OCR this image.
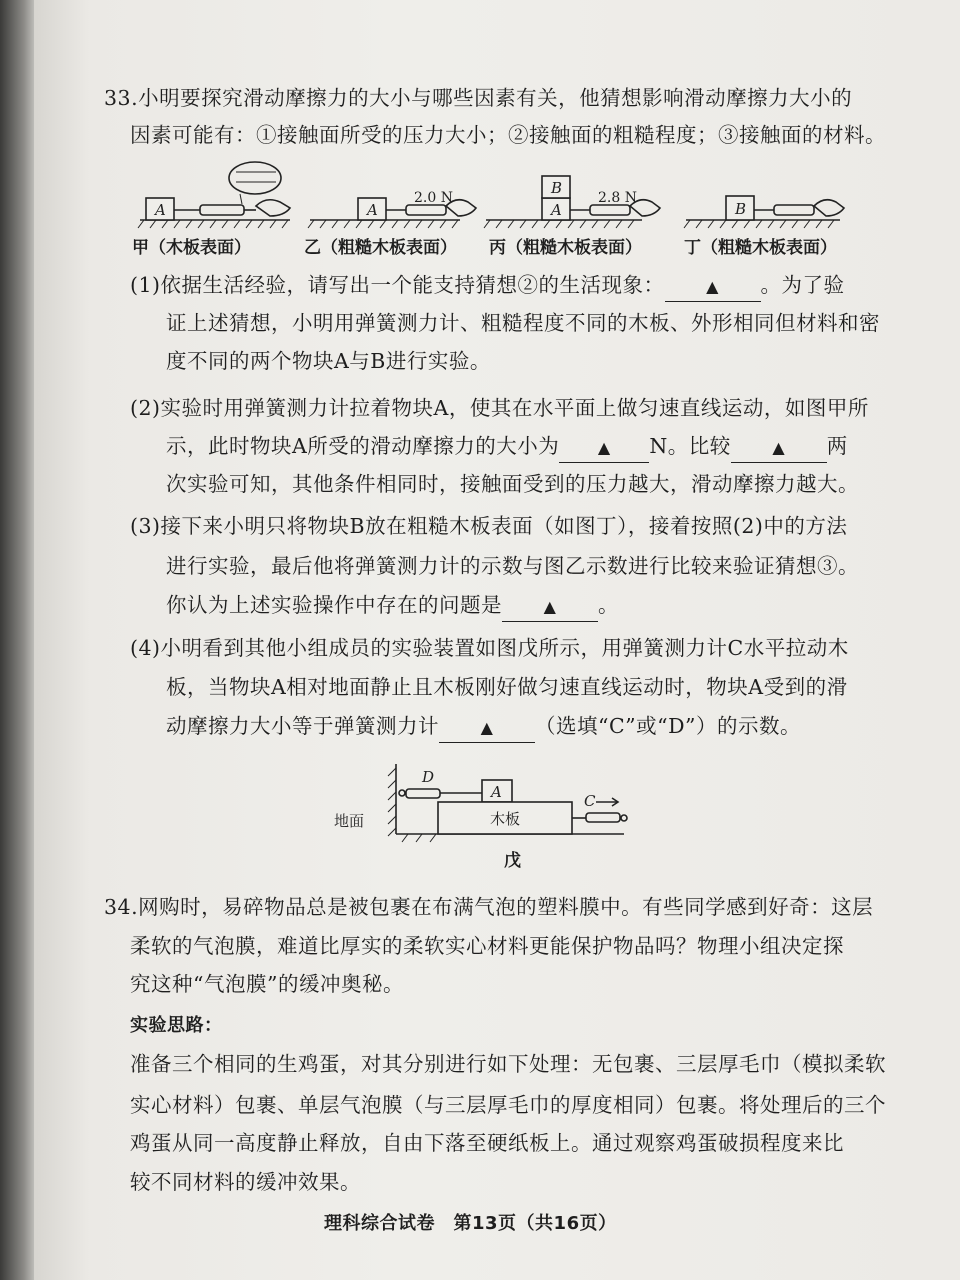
33.小明要探究滑动摩擦力的大小与哪些因素有关，他猜想影响滑动摩擦力大小的
因素可能有：①接触面所受的压力大小；②接触面的粗糙程度；③接触面的材料。
A	A	A
B
B
2.0 N	2.8 N
甲（木板表面）	乙（粗糙木板表面） 丙（粗糙木板表面） 丁（粗糙木板表面）
(1)依据生活经验，请写出一个能支持猜想②的生活现象：	▲ 。为了验
证上述猜想，小明用弹簧测力计、粗糙程度不同的木板、外形相同但材料和密
度不同的两个物块A与B进行实验。
(2)实验时用弹簧测力计拉着物块A，使其在水平面上做匀速直线运动，如图甲所
示，此时物块A所受的滑动摩擦力的大小为 ▲ N。比较	▲ 两
次实验可知，其他条件相同时，接触面受到的压力越大，滑动摩擦力越大。
(3)接下来小明只将物块B放在粗糙木板表面（如图丁），接着按照(2)中的方法
进行实验，最后他将弹簧测力计的示数与图乙示数进行比较来验证猜想③。
你认为上述实验操作中存在的问题是	▲ 。
(4)小明看到其他小组成员的实验装置如图戊所示，用弹簧测力计C水平拉动木
板，当物块A相对地面静止且木板刚好做匀速直线运动时，物块A受到的滑
动摩擦力大小等于弹簧测力计	▲ （选填“C”或“D”）的示数。
D
A	C
地面	木板
戊
34.网购时，易碎物品总是被包裹在布满气泡的塑料膜中。有些同学感到好奇：这层
柔软的气泡膜，难道比厚实的柔软实心材料更能保护物品吗？物理小组决定探
究这种“气泡膜”的缓冲奥秘。
实验思路：
准备三个相同的生鸡蛋，对其分别进行如下处理：无包裹、三层厚毛巾（模拟柔软
实心材料）包裹、单层气泡膜（与三层厚毛巾的厚度相同）包裹。将处理后的三个
鸡蛋从同一高度静止释放，自由下落至硬纸板上。通过观察鸡蛋破损程度来比
较不同材料的缓冲效果。
理科综合试卷　第13页（共16页）
